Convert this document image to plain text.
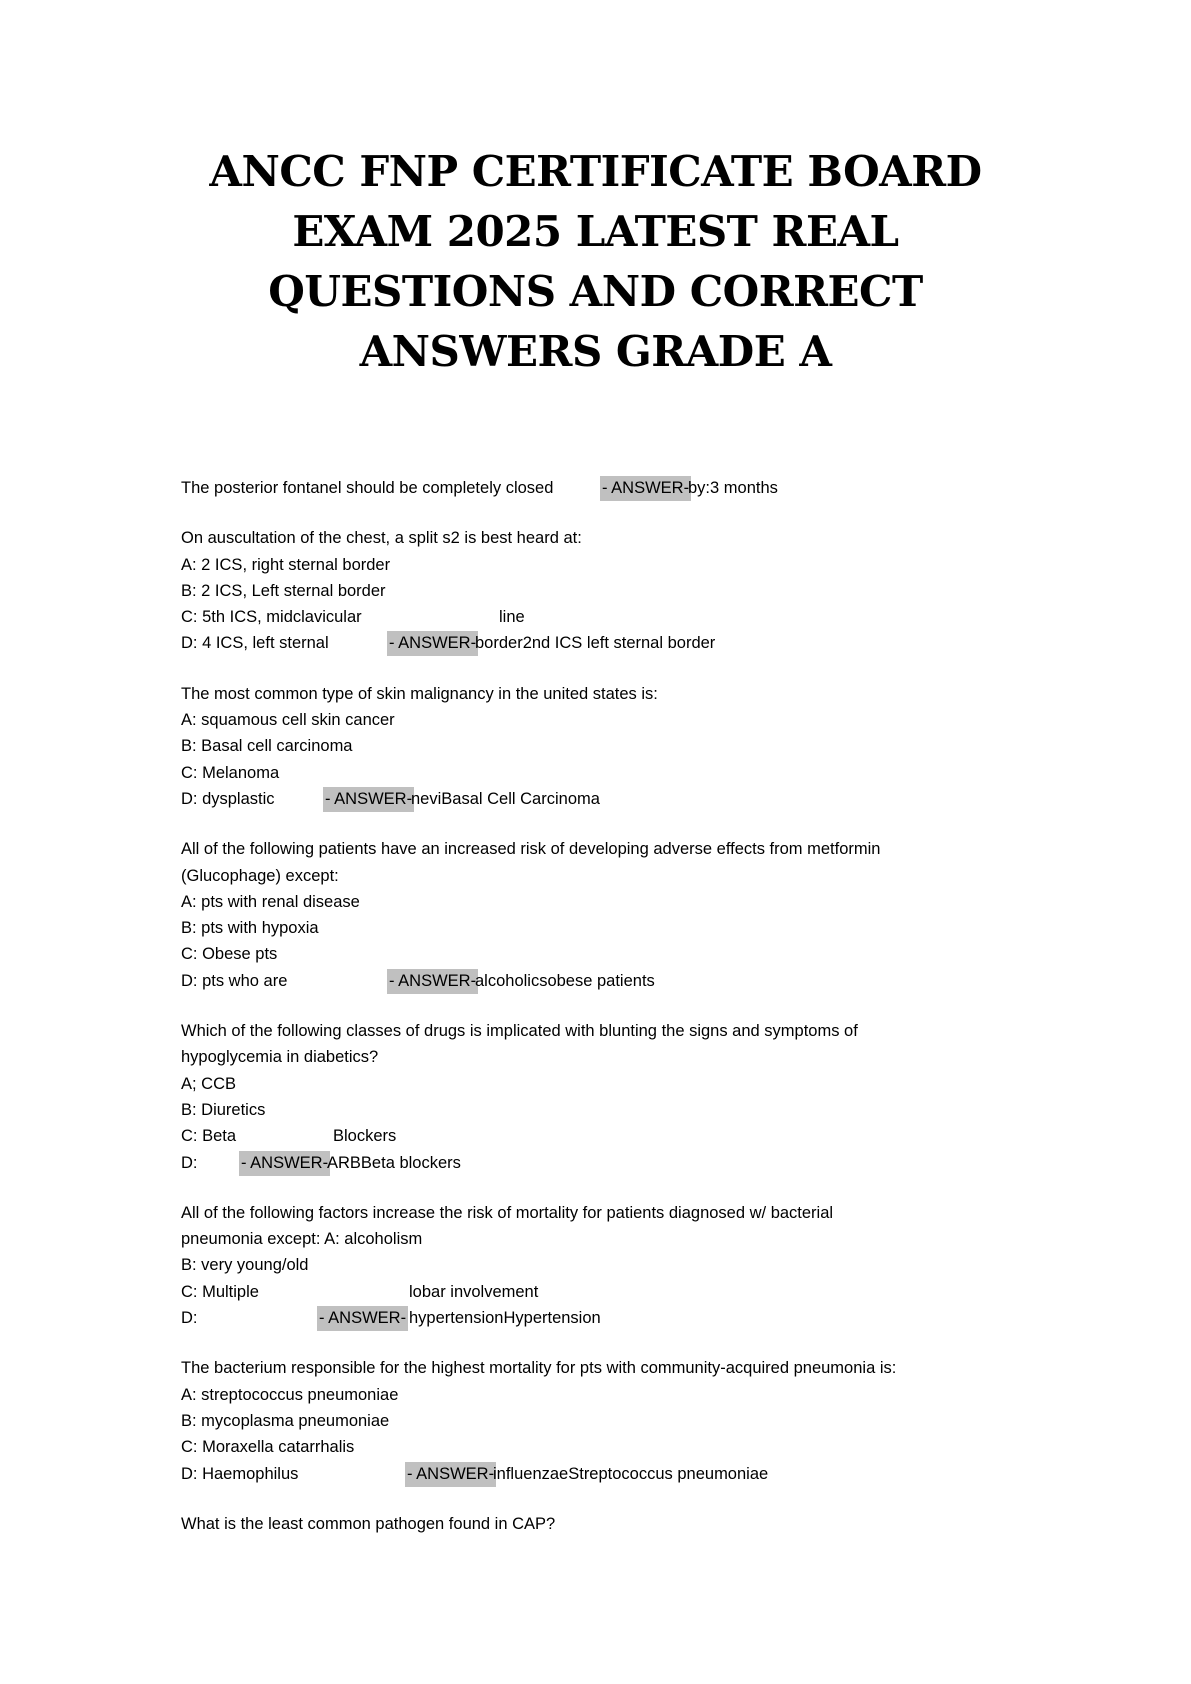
ANCC FNP CERTIFICATE BOARD
EXAM 2025 LATEST REAL
QUESTIONS AND CORRECT
ANSWERS GRADE A
The posterior fontanel should be completely closed	- ANSWER-
by:3 months
On auscultation of the chest, a split s2 is best heard at:
A: 2 ICS, right sternal border
B: 2 ICS, Left sternal border
C: 5th ICS, midclavicular	line
D: 4 ICS, left sternal	- ANSWER-
border2nd ICS left sternal border
The most common type of skin malignancy in the united states is:
A: squamous cell skin cancer
B: Basal cell carcinoma
C: Melanoma
D: dysplastic	- ANSWER-
neviBasal Cell Carcinoma
All of the following patients have an increased risk of developing adverse effects from metformin
(Glucophage) except:
A: pts with renal disease
B: pts with hypoxia
C: Obese pts
D: pts who are	- ANSWER-
alcoholicsobese patients
Which of the following classes of drugs is implicated with blunting the signs and symptoms of
hypoglycemia in diabetics?
A; CCB
B: Diuretics
C: Beta	Blockers
D:	- ANSWER-
ARBBeta blockers
All of the following factors increase the risk of mortality for patients diagnosed w/ bacterial
pneumonia except: A: alcoholism
B: very young/old
C: Multiple	lobar involvement
D:	- ANSWER- hypertensionHypertension
The bacterium responsible for the highest mortality for pts with community-acquired pneumonia is:
A: streptococcus pneumoniae
B: mycoplasma pneumoniae
C: Moraxella catarrhalis
D: Haemophilus	- ANSWER-
influenzaeStreptococcus pneumoniae
What is the least common pathogen found in CAP?
